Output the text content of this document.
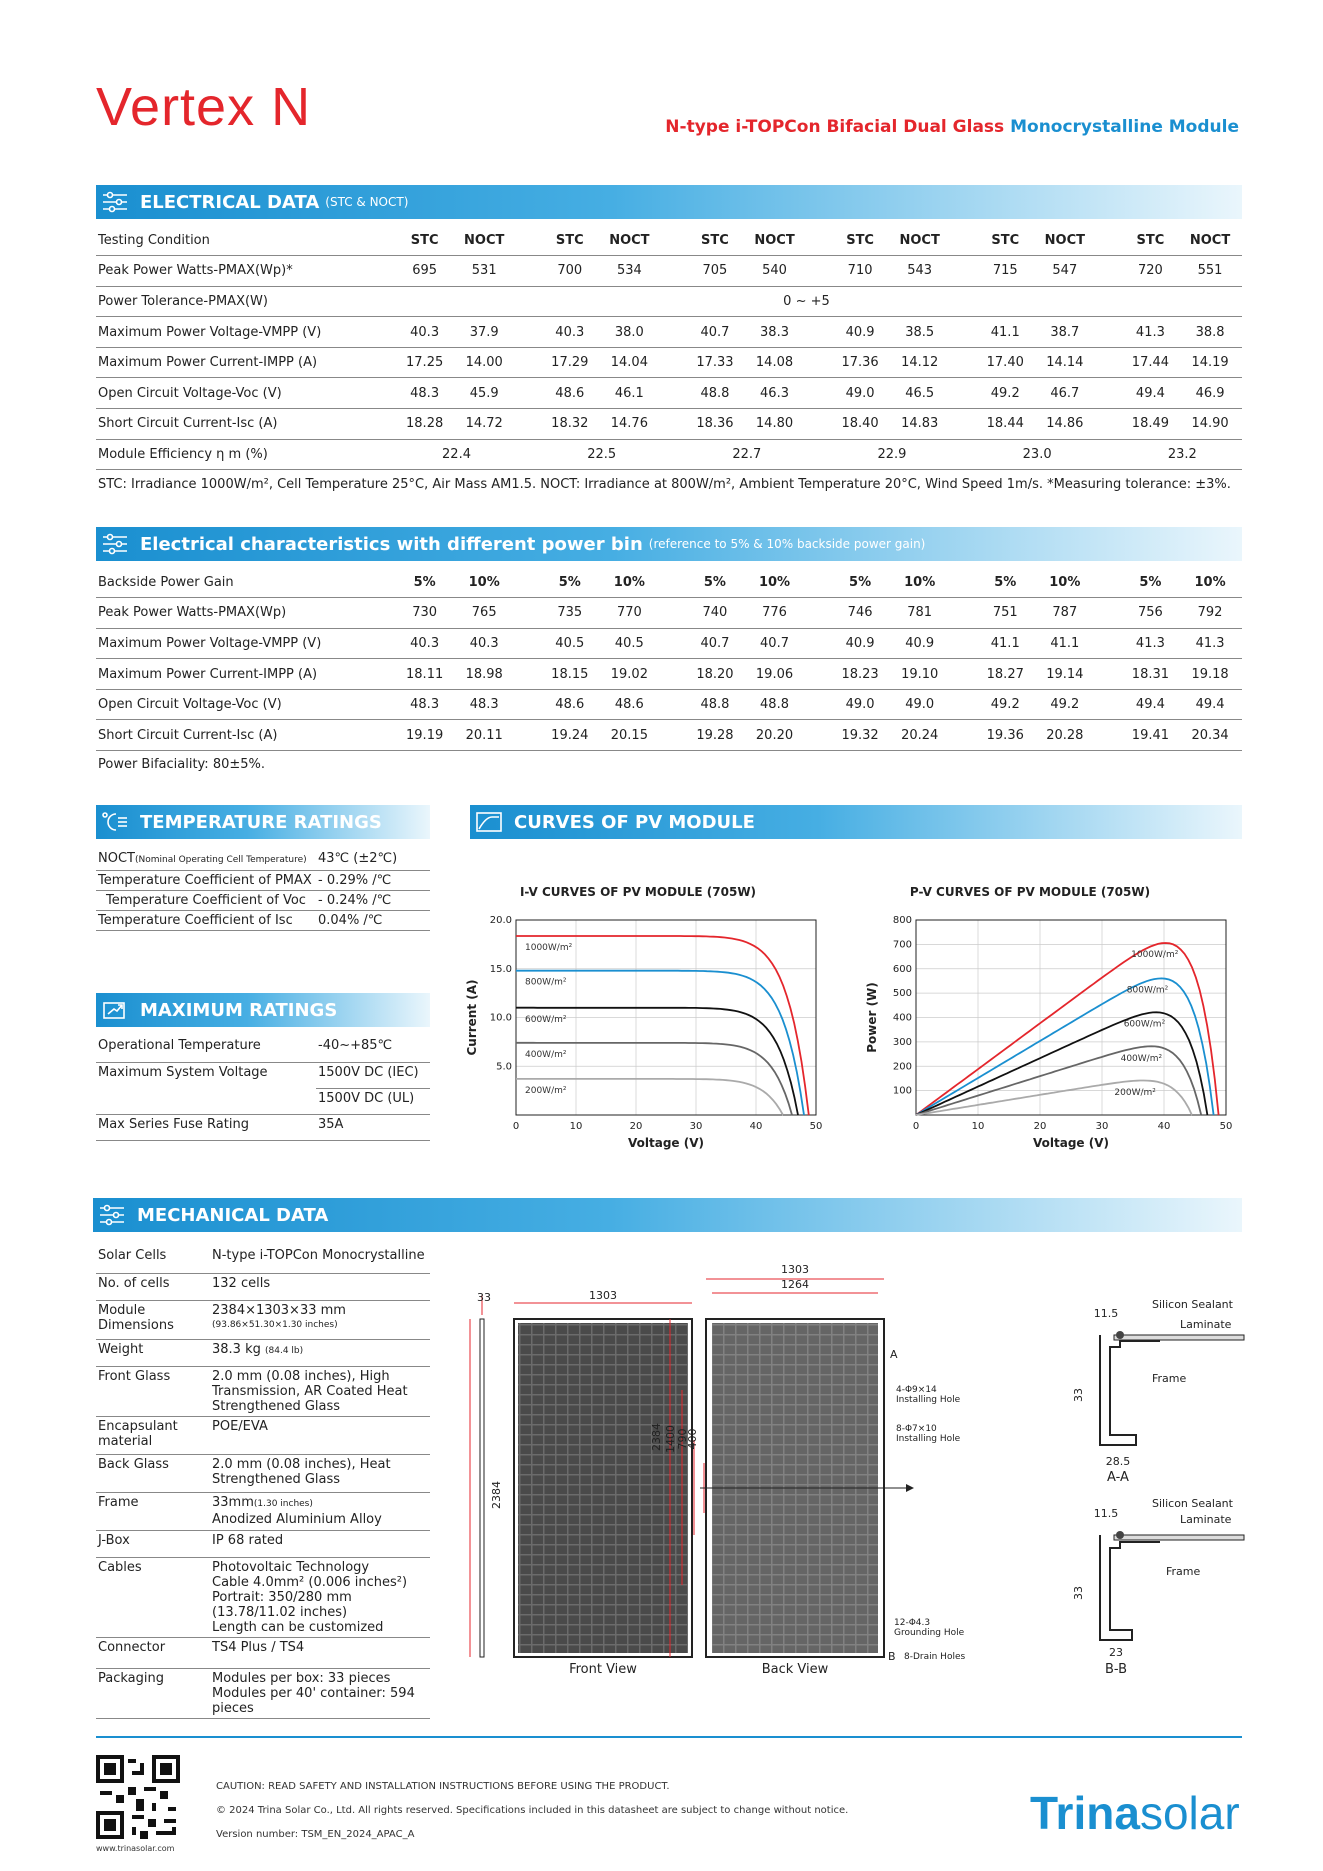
Vertex N	N-type i-TOPCon Bifacial Dual Glass Monocrystalline Module
ELECTRICAL DATA (STC & NOCT)
Testing Condition	STC	NOCT	STC	NOCT	STC	NOCT	STC	NOCT	STC	NOCT	STC	NOCT
Peak Power Watts-PMAX(Wp)*	695	531	700	534	705	540	710	543	715	547	720	551
Power Tolerance-PMAX(W)	0 ~ +5											
Maximum Power Voltage-VMPP (V)	40.3	37.9	40.3	38.0	40.7	38.3	40.9	38.5	41.1	38.7	41.3	38.8
Maximum Power Current-IMPP (A)	17.25	14.00	17.29	14.04	17.33	14.08	17.36	14.12	17.40	14.14	17.44	14.19
Open Circuit Voltage-Voc (V)	48.3	45.9	48.6	46.1	48.8	46.3	49.0	46.5	49.2	46.7	49.4	46.9
Short Circuit Current-Isc (A)	18.28	14.72	18.32	14.76	18.36	14.80	18.40	14.83	18.44	14.86	18.49	14.90
Module Efficiency η m (%)	22.4		22.5		22.7		22.9		23.0		23.2	
STC: Irradiance 1000W/m², Cell Temperature 25°C, Air Mass AM1.5. NOCT: Irradiance at 800W/m², Ambient Temperature 20°C, Wind Speed 1m/s. *Measuring tolerance: ±3%.
Electrical characteristics with different power bin (reference to 5% & 10% backside power gain)
Backside Power Gain	5%	10%	5%	10%	5%	10%	5%	10%	5%	10%	5%	10%
Peak Power Watts-PMAX(Wp)	730	765	735	770	740	776	746	781	751	787	756	792
Maximum Power Voltage-VMPP (V)	40.3	40.3	40.5	40.5	40.7	40.7	40.9	40.9	41.1	41.1	41.3	41.3
Maximum Power Current-IMPP (A)	18.11	18.98	18.15	19.02	18.20	19.06	18.23	19.10	18.27	19.14	18.31	19.18
Open Circuit Voltage-Voc (V)	48.3	48.3	48.6	48.6	48.8	48.8	49.0	49.0	49.2	49.2	49.4	49.4
Short Circuit Current-Isc (A)	19.19	20.11	19.24	20.15	19.28	20.20	19.32	20.24	19.36	20.28	19.41	20.34
Power Bifaciality: 80±5%.
TEMPERATURE RATINGS
NOCT(Nominal Operating Cell Temperature)	43℃ (±2℃)
Temperature Coefficient of PMAX	- 0.29% /℃
Temperature Coefficient of Voc	- 0.24% /℃
Temperature Coefficient of Isc	0.04% /℃
MAXIMUM RATINGS
Operational Temperature	-40~+85℃
Maximum System Voltage	1500V DC (IEC)
	1500V DC (UL)
Max Series Fuse Rating	35A
CURVES OF PV MODULE
I-V CURVES OF PV MODULE (705W)	P-V CURVES OF PV MODULE (705W)
0	10	20	30	40	50
5.0
10.0
15.0
20.0
Voltage (V)
Current (A)
1000W/m²
800W/m²
600W/m²
400W/m²
200W/m²
0	10	20	30	40	50
100
200
300
400
500
600
700
800
Voltage (V)
Power (W)
1000W/m²
800W/m²
600W/m²
400W/m²
200W/m²
MECHANICAL DATA
Solar Cells	N-type i-TOPCon Monocrystalline
No. of cells	132 cells
Module Dimensions	2384×1303×33 mm
(93.86×51.30×1.30 inches)

Weight	38.3 kg (84.4 lb)
Front Glass	2.0 mm (0.08 inches), High Transmission, AR Coated Heat Strengthened Glass
Encapsulant material	POE/EVA
Back Glass	2.0 mm (0.08 inches), Heat Strengthened Glass
Frame	33mm(1.30 inches)
Anodized Aluminium Alloy

J-Box	IP 68 rated
Cables	Photovoltaic Technology
Cable 4.0mm² (0.006 inches²)
Portrait: 350/280 mm (13.78/11.02 inches)
Length can be customized

Connector	TS4 Plus / TS4
Packaging	Modules per box: 33 pieces
Modules per 40' container: 594 pieces
33	1303
2384
Front View
1303
1264
2384 1400 790
400
Back View
A
B
4-Φ9×14
Installing Hole
8-Φ7×10
Installing Hole
12-Φ4.3
Grounding Hole
8-Drain Holes
11.5
33
28.5
A-A
Silicon Sealant
Laminate
Frame
11.5
33
23
B-B
Silicon Sealant
Laminate
Frame
www.trinasolar.com
CAUTION: READ SAFETY AND INSTALLATION INSTRUCTIONS BEFORE USING THE PRODUCT.
© 2024 Trina Solar Co., Ltd. All rights reserved. Specifications included in this datasheet are subject to change without notice.
Version number: TSM_EN_2024_APAC_A	Trinasolar
